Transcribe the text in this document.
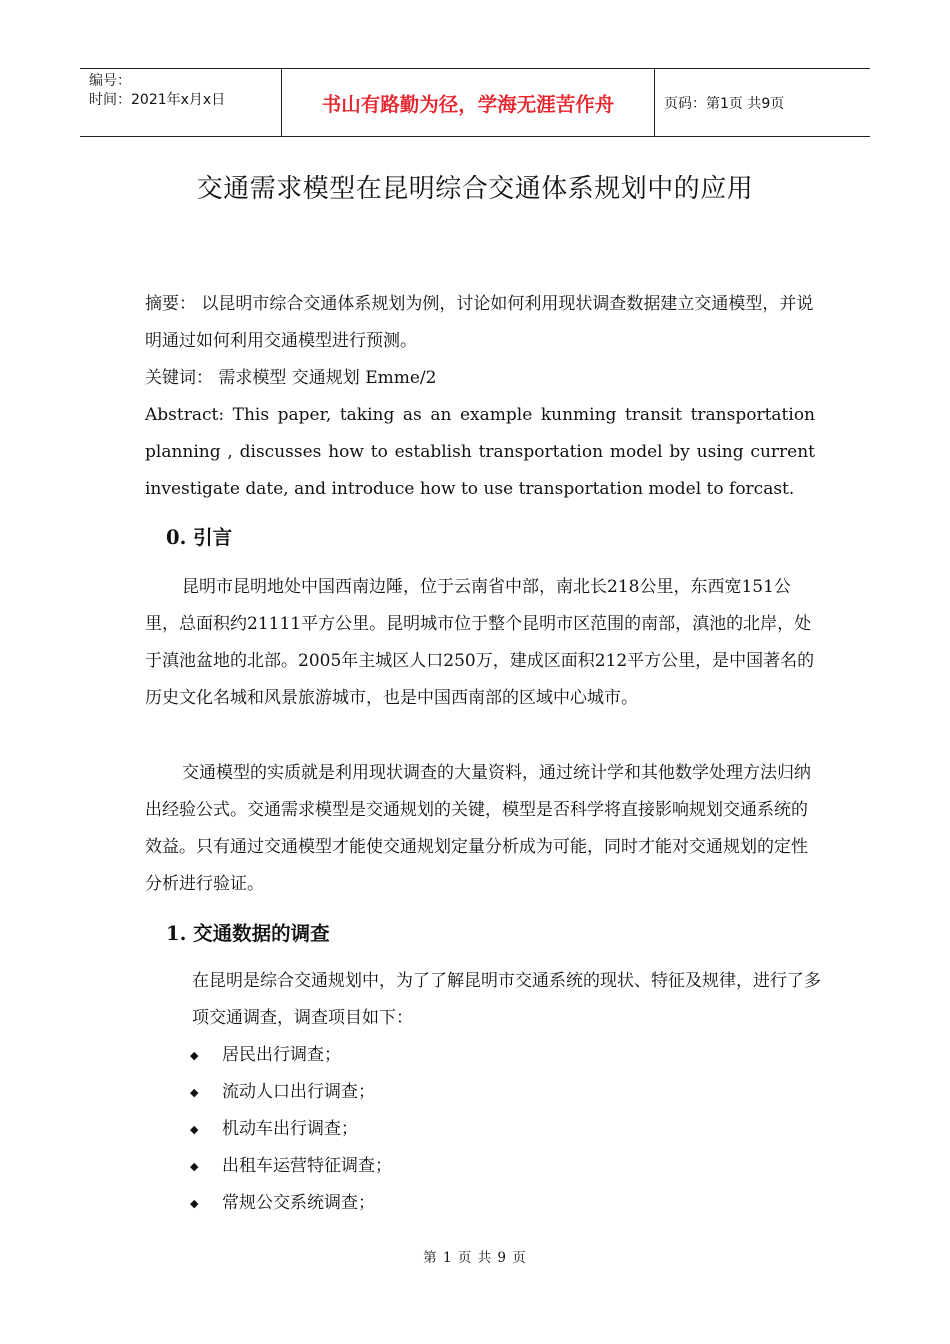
编号：
时间：2021年x月x日	书山有路勤为径，学海无涯苦作舟	页码：第1页 共9页
交通需求模型在昆明综合交通体系规划中的应用

摘要： 以昆明市综合交通体系规划为例，讨论如何利用现状调查数据建立交通模型，并说明通过如何利用交通模型进行预测。

关键词： 需求模型 交通规划 Emme/2

Abstract: This paper, taking as an example kunming transit transportation planning , discusses how to establish transportation model by using current investigate date, and introduce how to use transportation model to forcast.

0. 引言

昆明市昆明地处中国西南边陲，位于云南省中部，南北长218公里，东西宽151公里，总面积约21111平方公里。昆明城市位于整个昆明市区范围的南部，滇池的北岸，处于滇池盆地的北部。2005年主城区人口250万，建成区面积212平方公里，是中国著名的历史文化名城和风景旅游城市，也是中国西南部的区域中心城市。

交通模型的实质就是利用现状调查的大量资料，通过统计学和其他数学处理方法归纳出经验公式。交通需求模型是交通规划的关键，模型是否科学将直接影响规划交通系统的效益。只有通过交通模型才能使交通规划定量分析成为可能，同时才能对交通规划的定性分析进行验证。

1. 交通数据的调查

在昆明是综合交通规划中，为了了解昆明市交通系统的现状、特征及规律，进行了多项交通调查，调查项目如下：

◆	居民出行调查；
◆	流动人口出行调查；
◆	机动车出行调查；
◆	出租车运营特征调查；
◆	常规公交系统调查；
第 1 页 共 9 页
